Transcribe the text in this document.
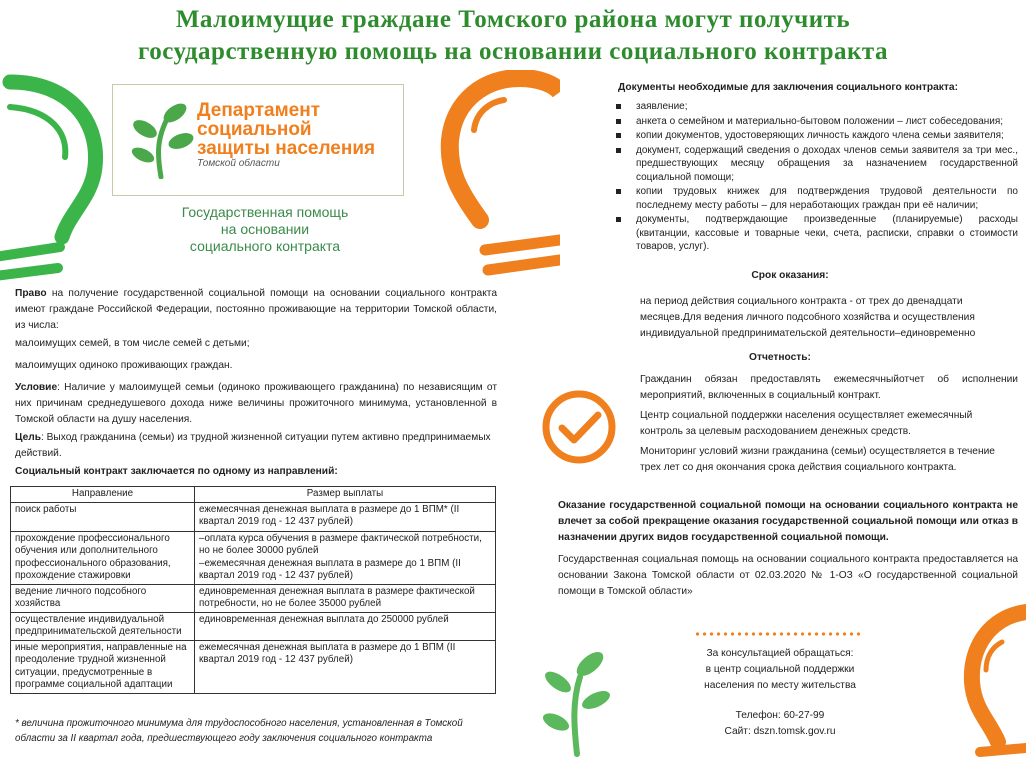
Малоимущие граждане Томского района могут получить
государственную помощь на основании социального контракта
Департамент
социальной
защиты населения
Томской области
Государственная помощь
на основании
социального контракта
Право на получение государственной социальной помощи на основании социального контракта имеют граждане Российской Федерации, постоянно проживающие на территории Томской области, из числа:
малоимущих семей, в том числе семей с детьми;
малоимущих одиноко проживающих граждан.
Условие: Наличие у малоимущей семьи (одиноко проживающего гражданина) по независящим от них причинам среднедушевого дохода ниже величины прожиточного минимума, установленной в Томской области на душу населения.
Цель: Выход гражданина (семьи) из трудной жизненной ситуации путем активно предпринимаемых действий.
Социальный контракт заключается по одному из направлений:
Направление	Размер выплаты
поиск работы	ежемесячная денежная выплата в размере до 1 ВПМ* (II квартал 2019 год - 12 437 рублей)
прохождение профессионального обучения или дополнительного профессионального образования, прохождение стажировки	–оплата курса обучения в размере фактической потребности, но не более 30000 рублей
–ежемесячная денежная выплата в размере до 1 ВПМ (II квартал 2019 год - 12 437 рублей)
ведение личного подсобного хозяйства	единовременная денежная выплата в размере фактической потребности, но не более 35000 рублей
осуществление индивидуальной предпринимательской деятельности	единовременная денежная выплата до 250000 рублей
иные мероприятия, направленные на преодоление трудной жизненной ситуации, предусмотренные в программе социальной адаптации	ежемесячная денежная выплата в размере до 1 ВПМ (II квартал 2019 год - 12 437 рублей)
* величина прожиточного минимума для трудоспособного населения, установленная в Томской области за II квартал года, предшествующего году заключения социального контракта
Документы необходимые для заключения социального контракта:
заявление;
анкета о семейном и материально-бытовом положении – лист собеседования;
копии документов, удостоверяющих личность каждого члена семьи заявителя;
документ, содержащий сведения о доходах членов семьи заявителя за три мес., предшествующих месяцу обращения за назначением государственной социальной помощи;
копии трудовых книжек для подтверждения трудовой деятельности по последнему месту работы – для неработающих граждан при её наличии;
документы, подтверждающие произведенные (планируемые) расходы (квитанции, кассовые и товарные чеки, счета, расписки, справки о стоимости товаров, услуг).
Срок оказания:
на период действия социального контракта - от трех до двенадцати
месяцев.Для ведения личного подсобного хозяйства и осуществления индивидуальной предпринимательской деятельности–единовременно
Отчетность:
Гражданин обязан предоставлять ежемесячныйотчет об исполнении мероприятий, включенных в социальный контракт.
Центр социальной поддержки населения осуществляет ежемесячный контроль за целевым расходованием денежных средств.
Мониторинг условий жизни гражданина (семьи) осуществляется в течение трех лет со дня окончания срока действия социального контракта.
Оказание государственной социальной помощи на основании социального контракта не влечет за собой прекращение оказания государственной социальной помощи или отказ в назначении других видов государственной социальной помощи.
Государственная социальная помощь на основании социального контракта предоставляется на основании Закона Томской области от 02.03.2020 № 1-ОЗ «О государственной социальной помощи в Томской области»
За консультацией обращаться:
в центр социальной поддержки
населения по месту жительства
Телефон: 60-27-99
Сайт: dszn.tomsk.gov.ru
